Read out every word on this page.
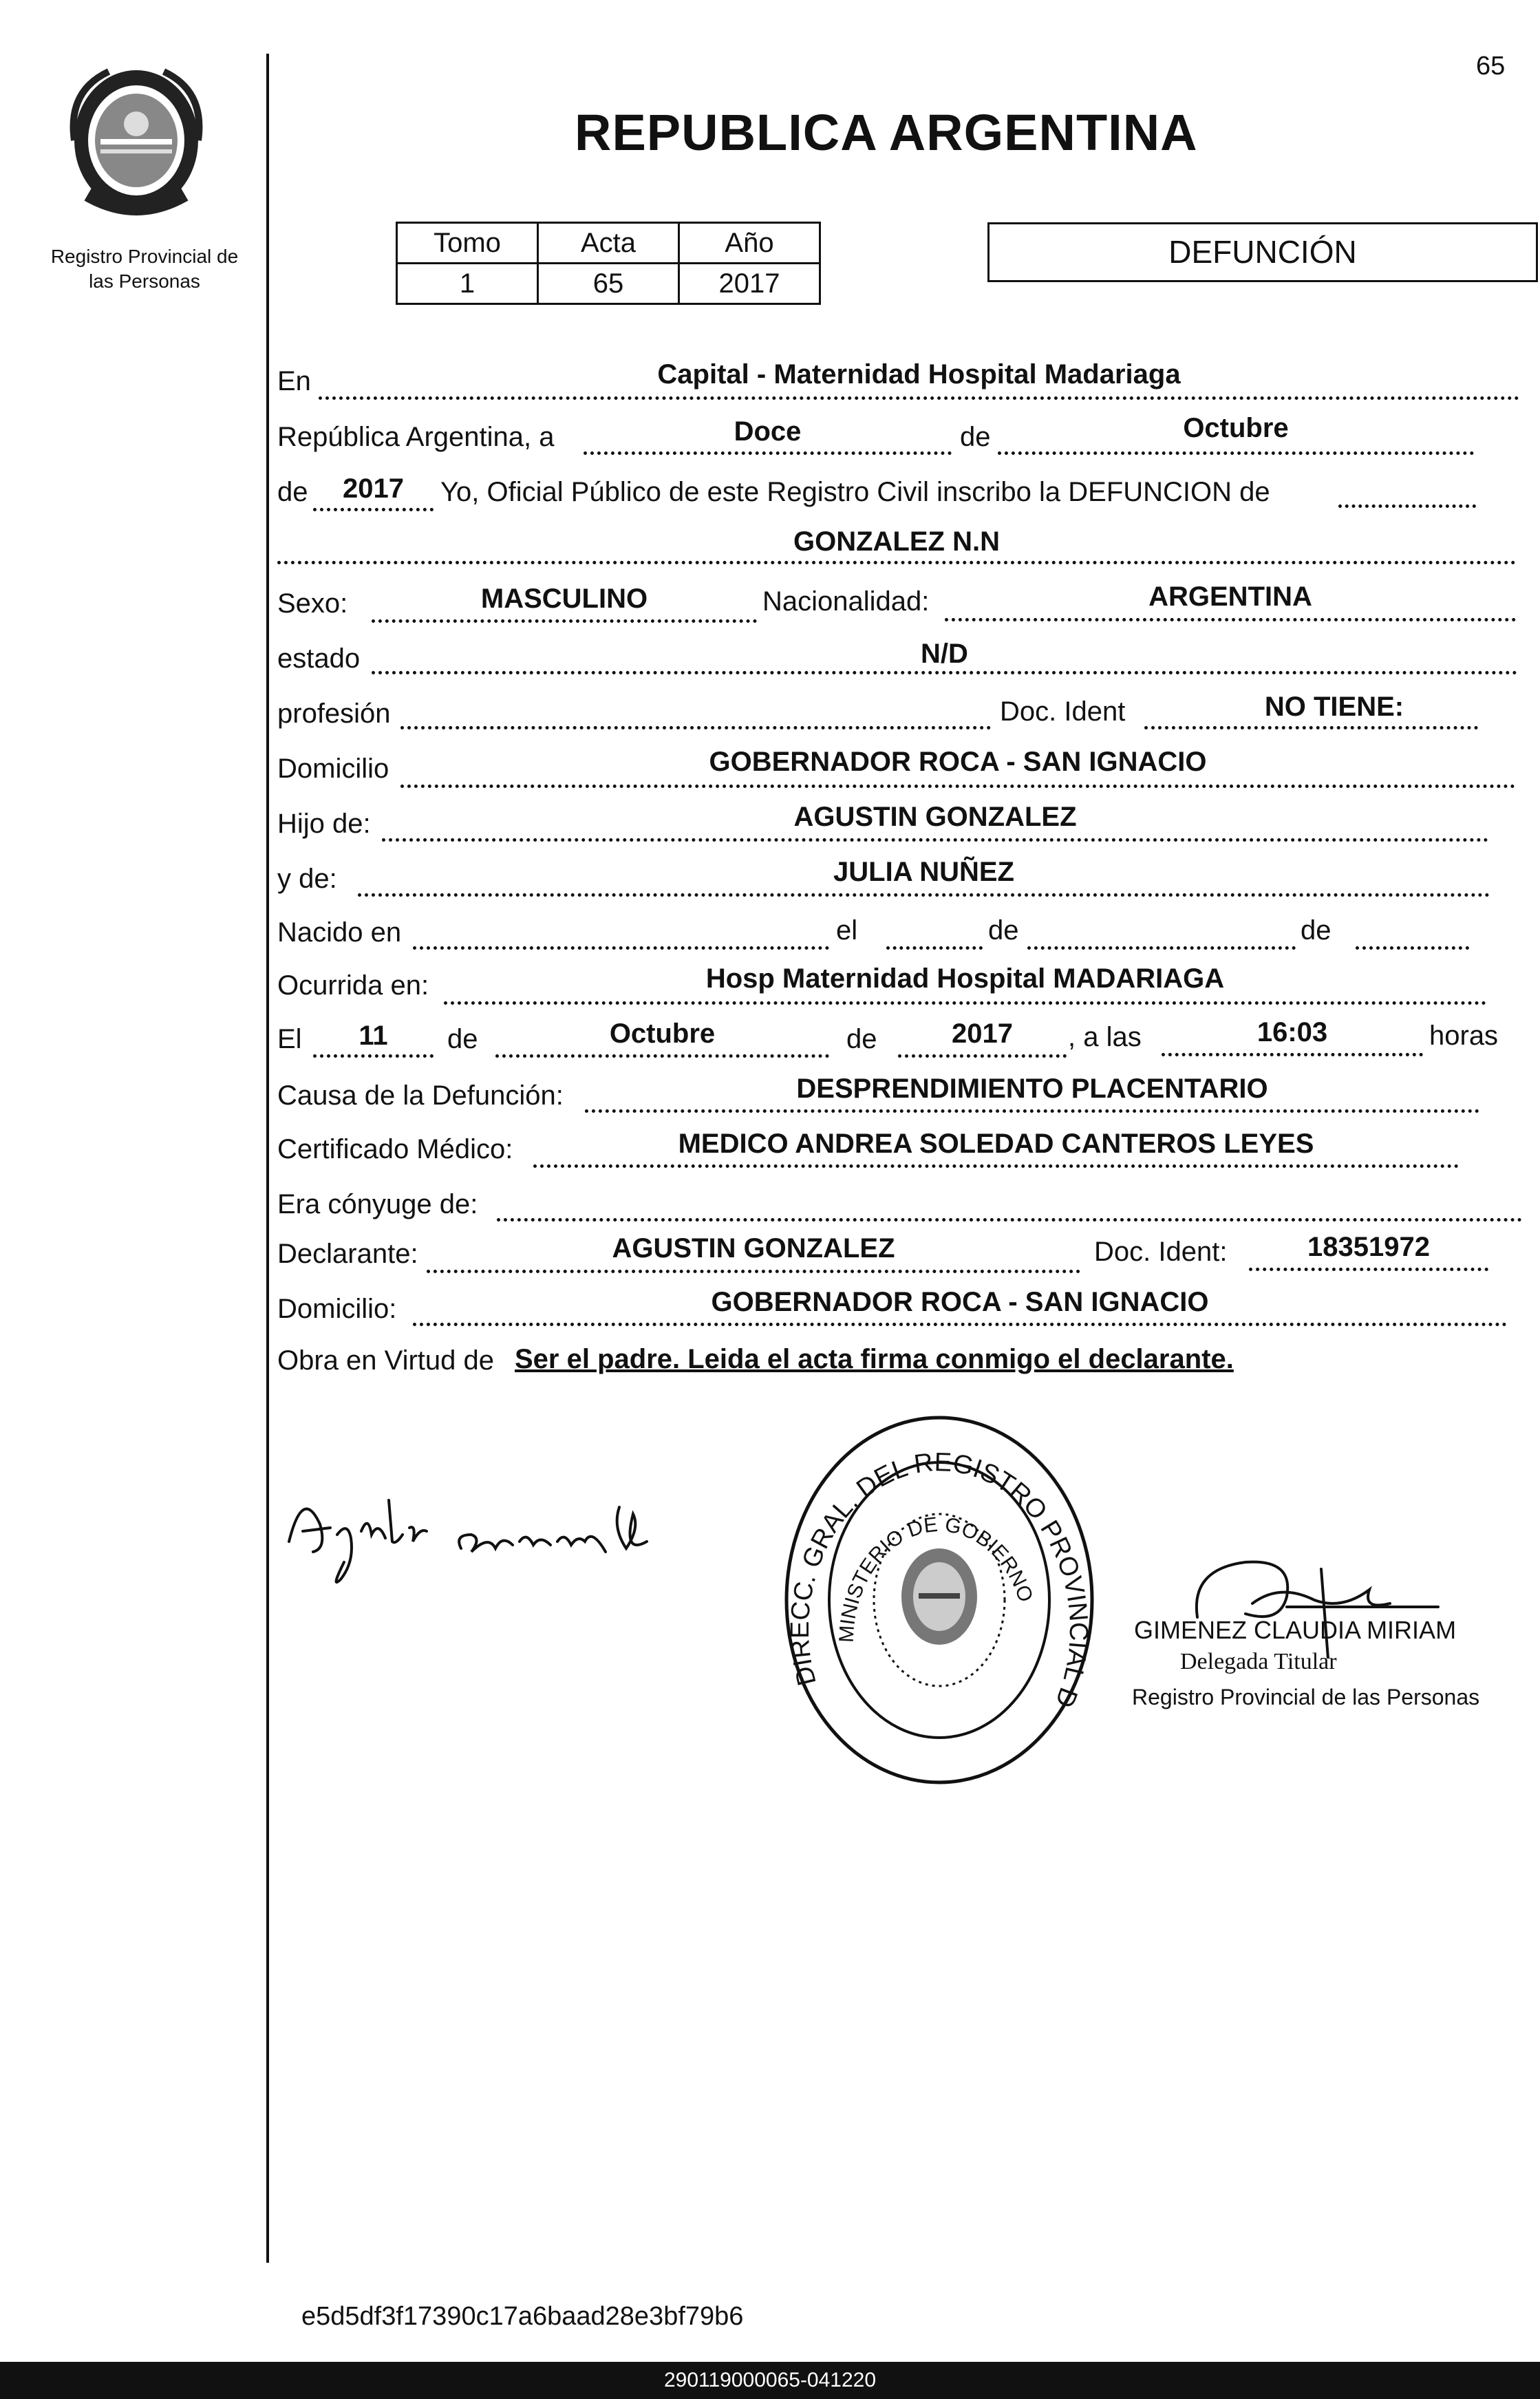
65
Registro Provincial de
las Personas
REPUBLICA ARGENTINA
Tomo	Acta	Año
1	65	2017
DEFUNCIÓN
En	Capital - Maternidad Hospital Madariaga
República Argentina, a	Doce	de	Octubre
de	2017	Yo, Oficial Público de este Registro Civil inscribo la DEFUNCION de
GONZALEZ N.N
Sexo:	MASCULINO	Nacionalidad:	ARGENTINA
estado	N/D
profesión	Doc. Ident	NO TIENE:
Domicilio	GOBERNADOR ROCA - SAN IGNACIO
Hijo de:	AGUSTIN GONZALEZ
y de:	JULIA NUÑEZ
Nacido en	el	de	de
Ocurrida en:	Hosp Maternidad Hospital MADARIAGA
El	11	de	Octubre	de	2017	, a las	16:03	horas
Causa de la Defunción:	DESPRENDIMIENTO PLACENTARIO
Certificado Médico:	MEDICO ANDREA SOLEDAD CANTEROS LEYES
Era cónyuge de:
Declarante:	AGUSTIN GONZALEZ	Doc. Ident:	18351972
Domicilio:	GOBERNADOR ROCA - SAN IGNACIO
Obra en Virtud de Ser el padre. Leida el acta firma conmigo el declarante.
DIRECC. GRAL. DEL REGISTRO PROVINCIAL D
MINISTERIO DE GOBIERNO
GIMENEZ CLAUDIA MIRIAM
Delegada Titular
Registro Provincial de las Personas
e5d5df3f17390c17a6baad28e3bf79b6
290119000065-041220
